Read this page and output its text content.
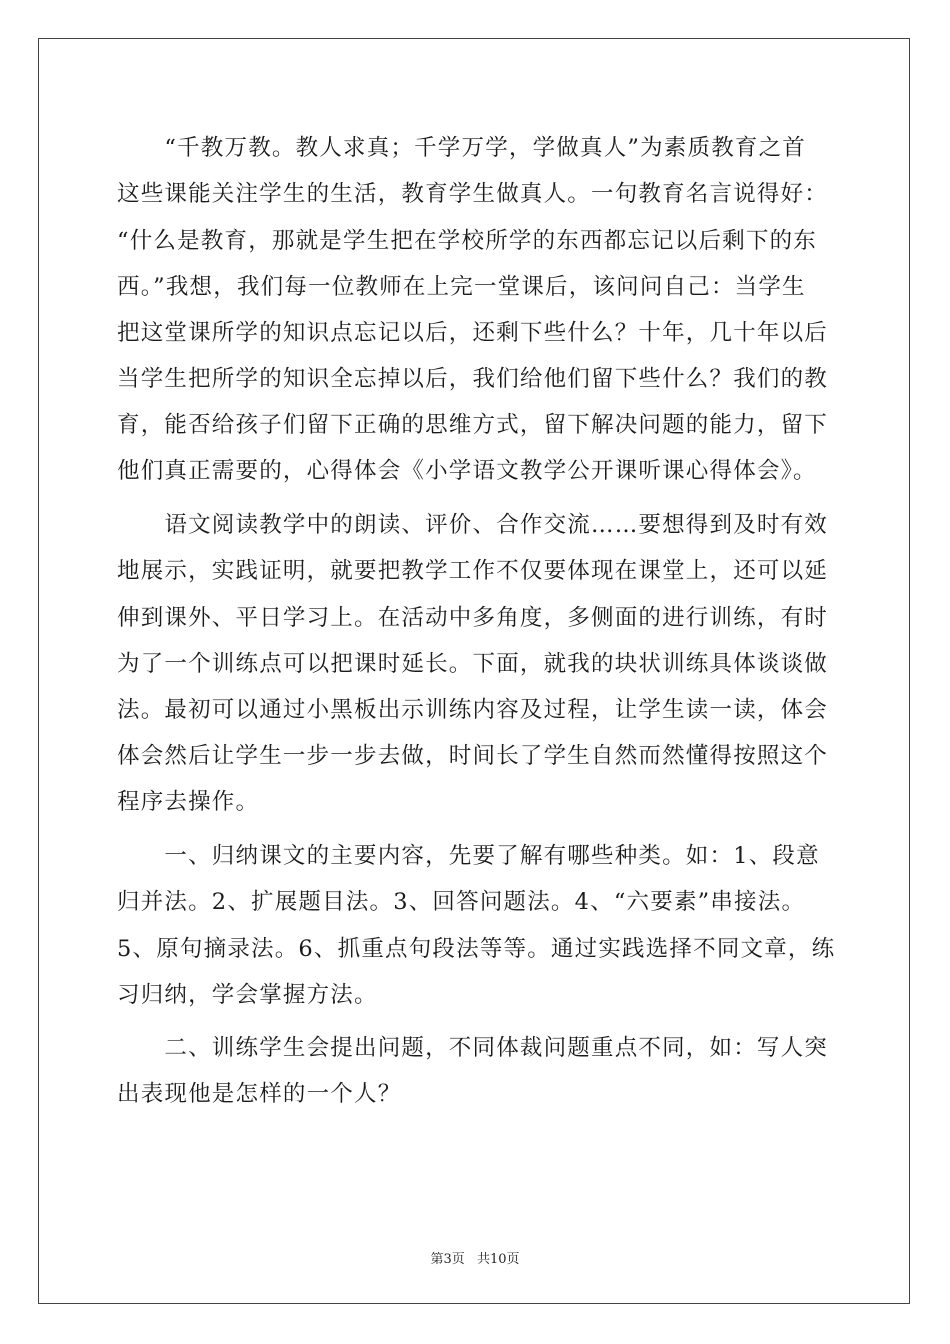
　　“千教万教。教人求真；千学万学，学做真人”为素质教育之首
这些课能关注学生的生活，教育学生做真人。一句教育名言说得好：
“什么是教育，那就是学生把在学校所学的东西都忘记以后剩下的东
西。”我想，我们每一位教师在上完一堂课后，该问问自己：当学生
把这堂课所学的知识点忘记以后，还剩下些什么？十年，几十年以后
当学生把所学的知识全忘掉以后，我们给他们留下些什么？我们的教
育，能否给孩子们留下正确的思维方式，留下解决问题的能力，留下
他们真正需要的，心得体会《小学语文教学公开课听课心得体会》。
　　语文阅读教学中的朗读、评价、合作交流……要想得到及时有效
地展示，实践证明，就要把教学工作不仅要体现在课堂上，还可以延
伸到课外、平日学习上。在活动中多角度，多侧面的进行训练，有时
为了一个训练点可以把课时延长。下面，就我的块状训练具体谈谈做
法。最初可以通过小黑板出示训练内容及过程，让学生读一读，体会
体会然后让学生一步一步去做，时间长了学生自然而然懂得按照这个
程序去操作。
　　一、归纳课文的主要内容，先要了解有哪些种类。如：1、段意
归并法。2、扩展题目法。3、回答问题法。4、“六要素”串接法。
5、原句摘录法。6、抓重点句段法等等。通过实践选择不同文章，练
习归纳，学会掌握方法。
　　二、训练学生会提出问题，不同体裁问题重点不同，如：写人突
出表现他是怎样的一个人？
第3页 共10页
